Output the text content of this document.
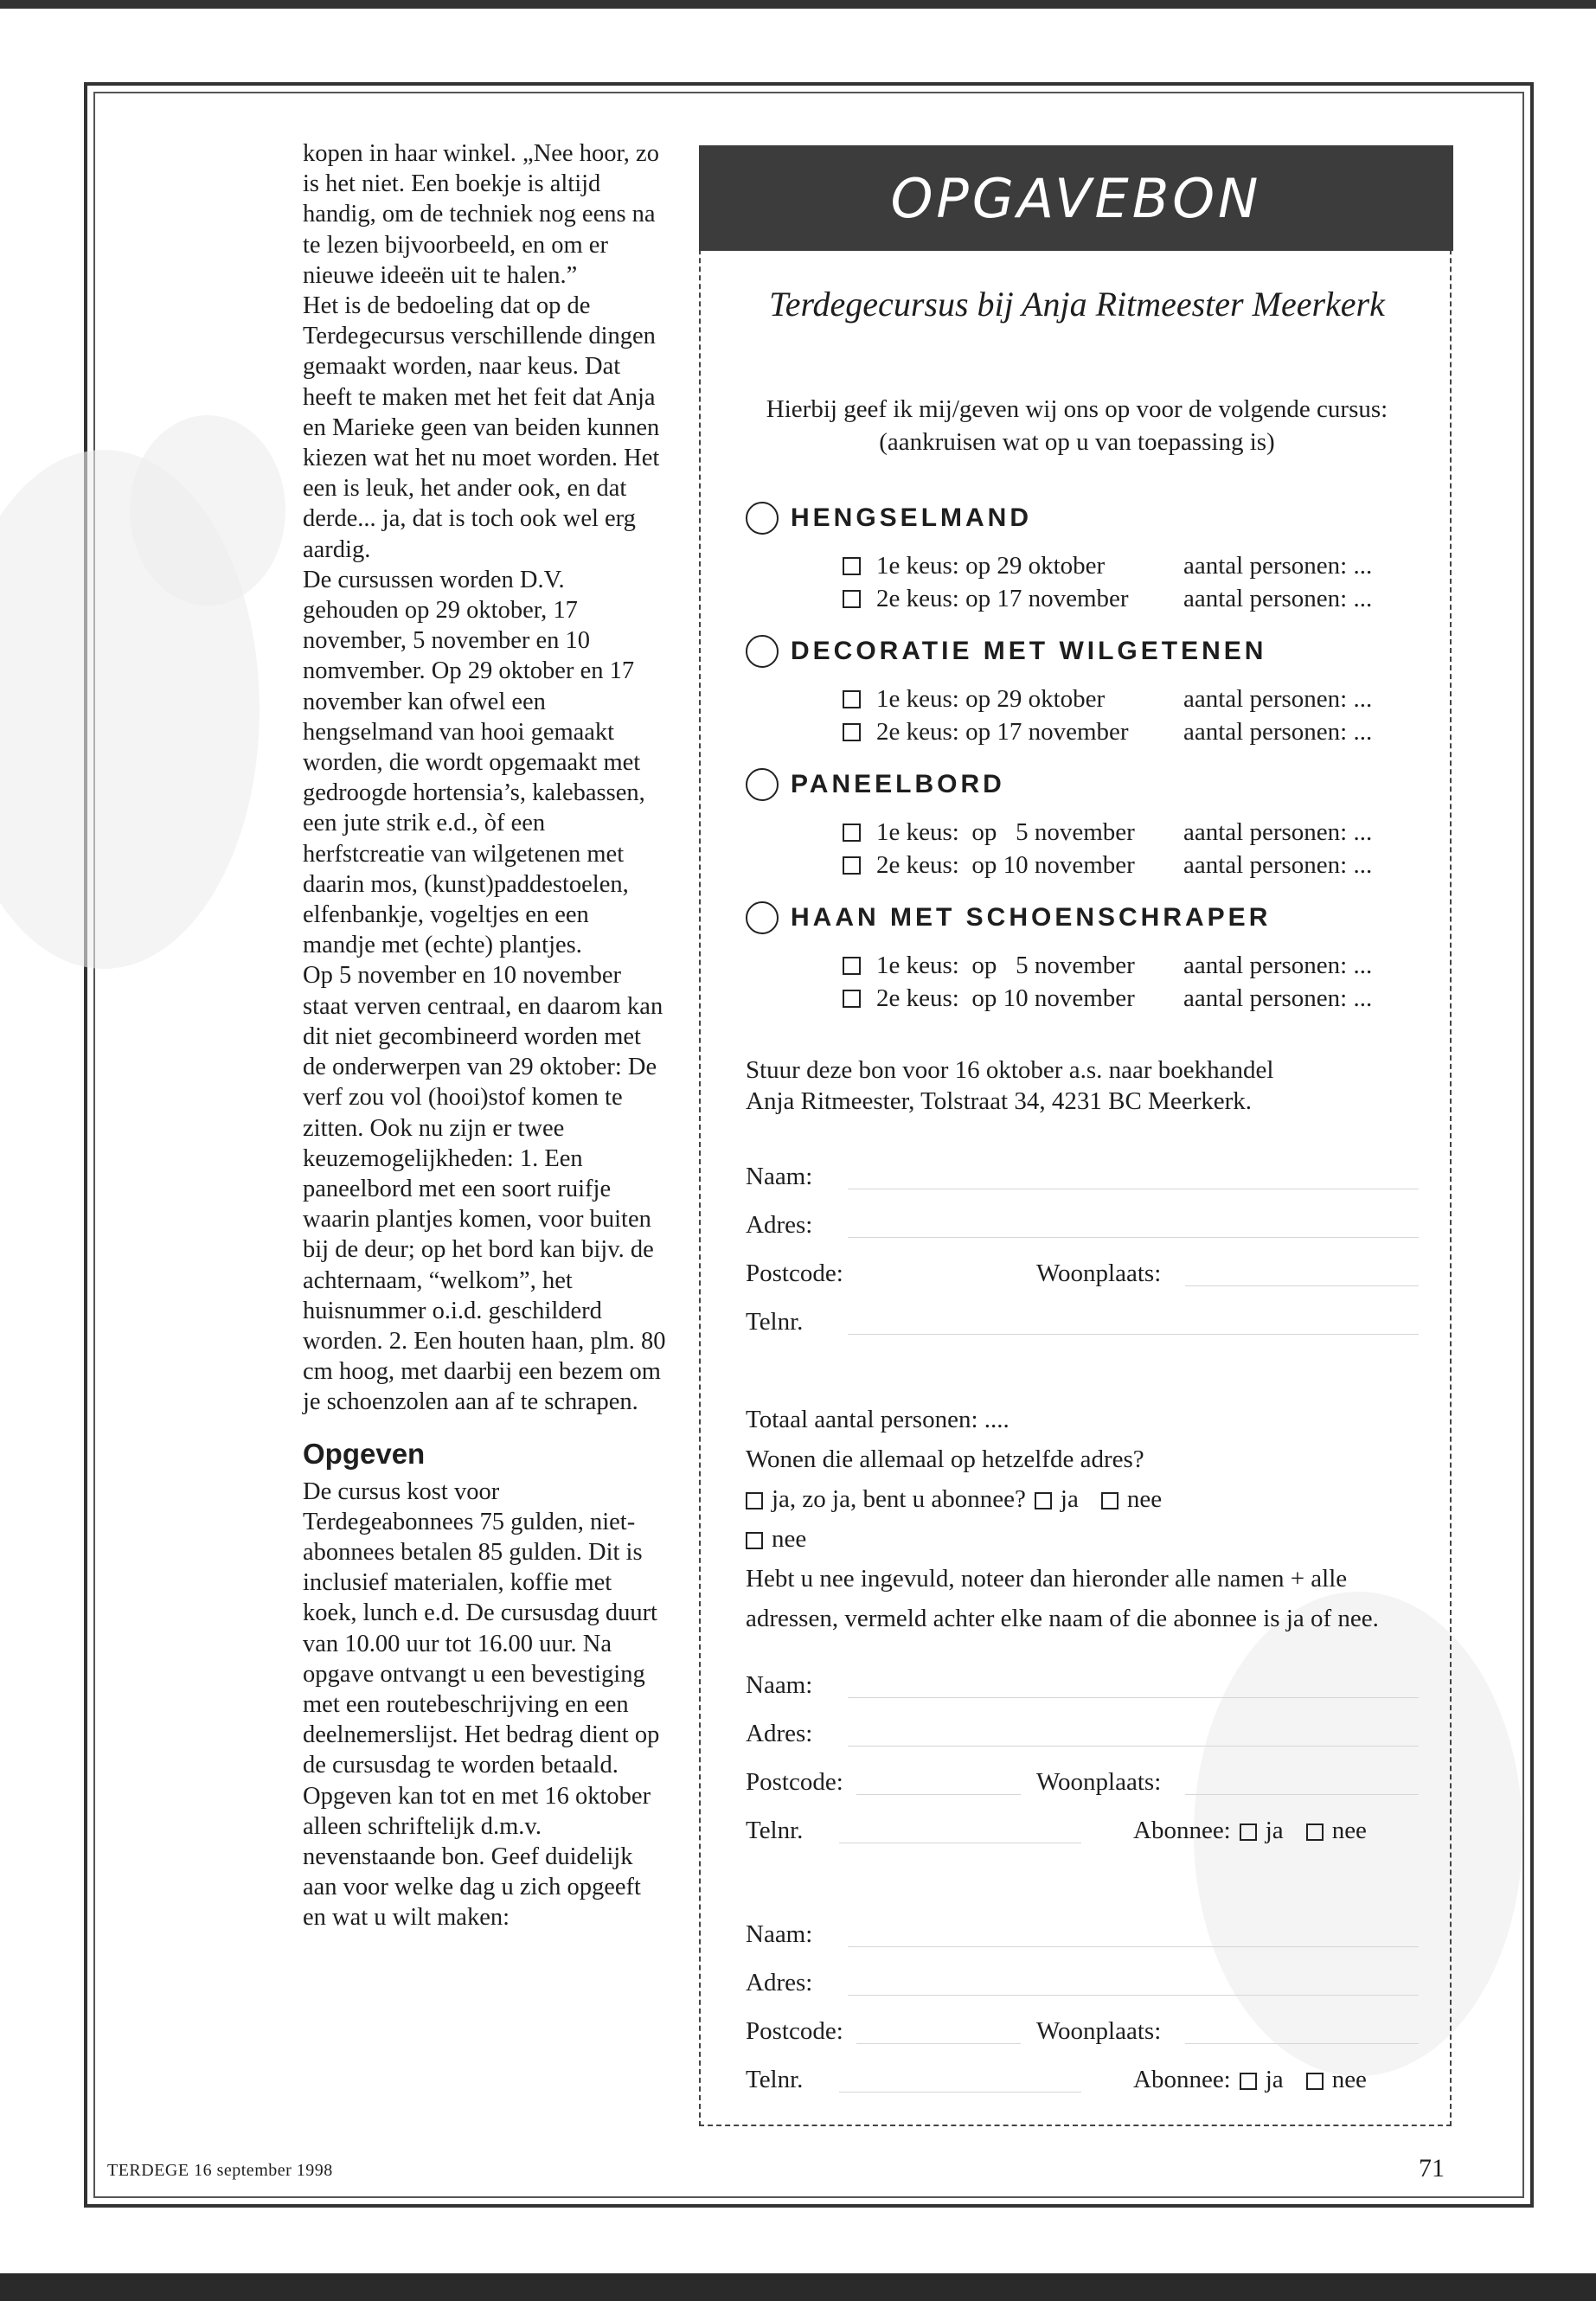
kopen in haar winkel. „Nee hoor, zo is het niet. Een boekje is altijd handig, om de techniek nog eens na te lezen bijvoorbeeld, en om er nieuwe ideeën uit te halen.”

Het is de bedoeling dat op de Terdegecursus verschillende dingen gemaakt worden, naar keus. Dat heeft te maken met het feit dat Anja en Marieke geen van beiden kunnen kiezen wat het nu moet worden. Het een is leuk, het ander ook, en dat derde... ja, dat is toch ook wel erg aardig.

De cursussen worden D.V. gehouden op 29 oktober, 17 november, 5 november en 10 nomvember. Op 29 oktober en 17 november kan ofwel een hengselmand van hooi gemaakt worden, die wordt opgemaakt met gedroogde hortensia’s, kalebassen, een jute strik e.d., òf een herfstcreatie van wilgetenen met daarin mos, (kunst)paddestoelen, elfenbankje, vogeltjes en een mandje met (echte) plantjes.

Op 5 november en 10 november staat verven centraal, en daarom kan dit niet gecombineerd worden met de onderwerpen van 29 oktober: De verf zou vol (hooi)stof komen te zitten. Ook nu zijn er twee keuzemogelijkheden: 1. Een paneelbord met een soort ruifje waarin plantjes komen, voor buiten bij de deur; op het bord kan bijv. de achternaam, “welkom”, het huisnummer o.i.d. geschilderd worden. 2. Een houten haan, plm. 80 cm hoog, met daarbij een bezem om je schoenzolen aan af te schrapen.

Opgeven

De cursus kost voor Terdegeabonnees 75 gulden, niet-abonnees betalen 85 gulden. Dit is inclusief materialen, koffie met koek, lunch e.d. De cursusdag duurt van 10.00 uur tot 16.00 uur. Na opgave ontvangt u een bevestiging met een routebeschrijving en een deelnemerslijst. Het bedrag dient op de cursusdag te worden betaald. Opgeven kan tot en met 16 oktober alleen schriftelijk d.m.v. nevenstaande bon. Geef duidelijk aan voor welke dag u zich opgeeft en wat u wilt maken:

OPGAVEBON
Terdegecursus bij Anja Ritmeester Meerkerk
Hierbij geef ik mij/geven wij ons op voor de volgende cursus:
(aankruisen wat op u van toepassing is)
HENGSELMAND
1e keus: op 29 oktober	aantal personen: ...
2e keus: op 17 november	aantal personen: ...
DECORATIE MET WILGETENEN
1e keus: op 29 oktober	aantal personen: ...
2e keus: op 17 november	aantal personen: ...
PANEELBORD
1e keus:  op   5 november	aantal personen: ...
2e keus:  op 10 november	aantal personen: ...
HAAN MET SCHOENSCHRAPER
1e keus:  op   5 november	aantal personen: ...
2e keus:  op 10 november	aantal personen: ...
Stuur deze bon voor 16 oktober a.s. naar boekhandel
Anja Ritmeester, Tolstraat 34, 4231 BC Meerkerk.
Naam:
Adres:
Postcode:	Woonplaats:
Telnr.
Totaal aantal personen: ....
Wonen die allemaal op hetzelfde adres?
ja, zo ja, bent u abonnee? ja nee
nee
Hebt u nee ingevuld, noteer dan hieronder alle namen + alle
adressen, vermeld achter elke naam of die abonnee is ja of nee.
Naam:
Adres:
Postcode:	Woonplaats:
Telnr.	Abonnee: ja nee
Naam:
Adres:
Postcode:	Woonplaats:
Telnr.	Abonnee: ja nee
TERDEGE 16 september 1998	71
